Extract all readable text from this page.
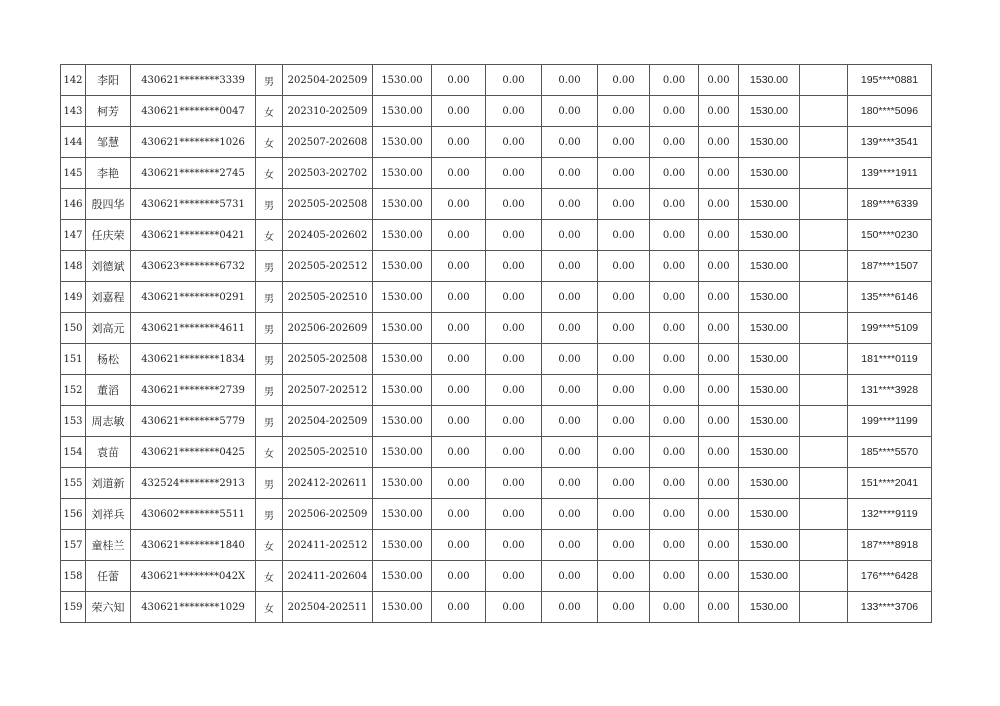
142	李阳	430621********3339	男	202504-202509	1530.00	0.00	0.00	0.00	0.00	0.00	0.00	1530.00		195****0881
143	柯芳	430621********0047	女	202310-202509	1530.00	0.00	0.00	0.00	0.00	0.00	0.00	1530.00		180****5096
144	邹慧	430621********1026	女	202507-202608	1530.00	0.00	0.00	0.00	0.00	0.00	0.00	1530.00		139****3541
145	李艳	430621********2745	女	202503-202702	1530.00	0.00	0.00	0.00	0.00	0.00	0.00	1530.00		139****1911
146	殷四华	430621********5731	男	202505-202508	1530.00	0.00	0.00	0.00	0.00	0.00	0.00	1530.00		189****6339
147	任庆荣	430621********0421	女	202405-202602	1530.00	0.00	0.00	0.00	0.00	0.00	0.00	1530.00		150****0230
148	刘德斌	430623********6732	男	202505-202512	1530.00	0.00	0.00	0.00	0.00	0.00	0.00	1530.00		187****1507
149	刘嘉程	430621********0291	男	202505-202510	1530.00	0.00	0.00	0.00	0.00	0.00	0.00	1530.00		135****6146
150	刘高元	430621********4611	男	202506-202609	1530.00	0.00	0.00	0.00	0.00	0.00	0.00	1530.00		199****5109
151	杨松	430621********1834	男	202505-202508	1530.00	0.00	0.00	0.00	0.00	0.00	0.00	1530.00		181****0119
152	董滔	430621********2739	男	202507-202512	1530.00	0.00	0.00	0.00	0.00	0.00	0.00	1530.00		131****3928
153	周志敏	430621********5779	男	202504-202509	1530.00	0.00	0.00	0.00	0.00	0.00	0.00	1530.00		199****1199
154	袁苗	430621********0425	女	202505-202510	1530.00	0.00	0.00	0.00	0.00	0.00	0.00	1530.00		185****5570
155	刘道新	432524********2913	男	202412-202611	1530.00	0.00	0.00	0.00	0.00	0.00	0.00	1530.00		151****2041
156	刘祥兵	430602********5511	男	202506-202509	1530.00	0.00	0.00	0.00	0.00	0.00	0.00	1530.00		132****9119
157	童桂兰	430621********1840	女	202411-202512	1530.00	0.00	0.00	0.00	0.00	0.00	0.00	1530.00		187****8918
158	任蕾	430621********042X	女	202411-202604	1530.00	0.00	0.00	0.00	0.00	0.00	0.00	1530.00		176****6428
159	荣六知	430621********1029	女	202504-202511	1530.00	0.00	0.00	0.00	0.00	0.00	0.00	1530.00		133****3706
